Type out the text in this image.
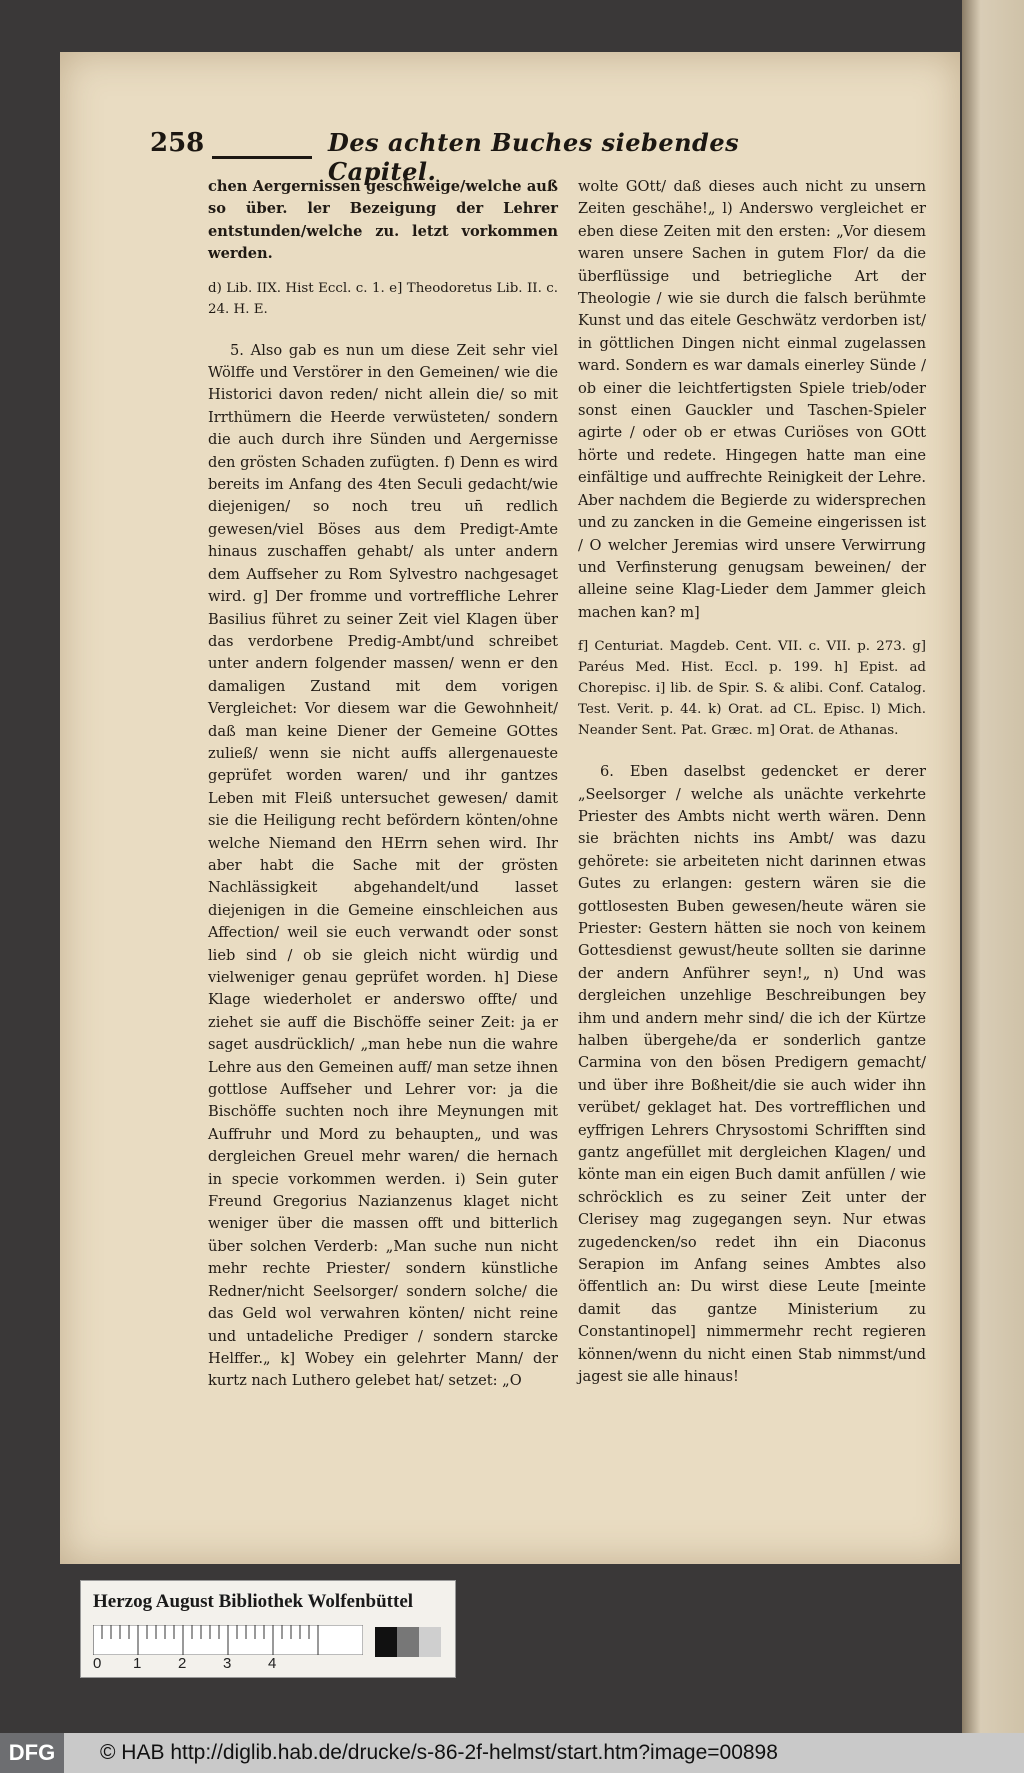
258	Des achten Buches siebendes Capitel.

chen Aergernissen geschweige/welche auß so über. ler Bezeigung der Lehrer entstunden/welche zu. letzt vorkommen werden.

d) Lib. IIX. Hist Eccl. c. 1. e] Theodoretus Lib. II. c. 24. H. E.

5. Also gab es nun um diese Zeit sehr viel Wölffe und Verstörer in den Gemeinen/ wie die Historici davon reden/ nicht allein die/ so mit Irrthümern die Heerde verwüsteten/ sondern die auch durch ihre Sünden und Aergernisse den grösten Schaden zufügten. f) Denn es wird bereits im Anfang des 4ten Seculi gedacht/wie diejenigen/ so noch treu un̄ redlich gewesen/viel Böses aus dem Predigt-Amte hinaus zuschaffen gehabt/ als unter andern dem Auffseher zu Rom Sylvestro nachgesaget wird. g] Der fromme und vortreffliche Lehrer Basilius führet zu seiner Zeit viel Klagen über das verdorbene Predig-Ambt/und schreibet unter andern folgender massen/ wenn er den damaligen Zustand mit dem vorigen Vergleichet: Vor diesem war die Gewohnheit/ daß man keine Diener der Gemeine GOttes zuließ/ wenn sie nicht auffs allergenaueste geprüfet worden waren/ und ihr gantzes Leben mit Fleiß untersuchet gewesen/ damit sie die Heiligung recht befördern könten/ohne welche Niemand den HErrn sehen wird. Ihr aber habt die Sache mit der grösten Nachlässigkeit abgehandelt/und lasset diejenigen in die Gemeine einschleichen aus Affection/ weil sie euch verwandt oder sonst lieb sind / ob sie gleich nicht würdig und vielweniger genau geprüfet worden. h] Diese Klage wiederholet er anderswo offte/ und ziehet sie auff die Bischöffe seiner Zeit: ja er saget ausdrücklich/ „man hebe nun die wahre Lehre aus den Gemeinen auff/ man setze ihnen gottlose Auffseher und Lehrer vor: ja die Bischöffe suchten noch ihre Meynungen mit Auffruhr und Mord zu behaupten„ und was dergleichen Greuel mehr waren/ die hernach in specie vorkommen werden. i) Sein guter Freund Gregorius Nazianzenus klaget nicht weniger über die massen offt und bitterlich über solchen Verderb: „Man suche nun nicht mehr rechte Priester/ sondern künstliche Redner/nicht Seelsorger/ sondern solche/ die das Geld wol verwahren könten/ nicht reine und untadeliche Prediger / sondern starcke Helffer.„ k] Wobey ein gelehrter Mann/ der kurtz nach Luthero gelebet hat/ setzet: „O

wolte GOtt/ daß dieses auch nicht zu unsern Zeiten geschähe!„ l) Anderswo vergleichet er eben diese Zeiten mit den ersten: „Vor diesem waren unsere Sachen in gutem Flor/ da die überflüssige und betriegliche Art der Theologie / wie sie durch die falsch berühmte Kunst und das eitele Geschwätz verdorben ist/ in göttlichen Dingen nicht einmal zugelassen ward. Sondern es war damals einerley Sünde / ob einer die leichtfertigsten Spiele trieb/oder sonst einen Gauckler und Taschen-Spieler agirte / oder ob er etwas Curiöses von GOtt hörte und redete. Hingegen hatte man eine einfältige und auffrechte Reinigkeit der Lehre. Aber nachdem die Begierde zu widersprechen und zu zancken in die Gemeine eingerissen ist / O welcher Jeremias wird unsere Verwirrung und Verfinsterung genugsam beweinen/ der alleine seine Klag-Lieder dem Jammer gleich machen kan? m]

f] Centuriat. Magdeb. Cent. VII. c. VII. p. 273. g] Paréus Med. Hist. Eccl. p. 199. h] Epist. ad Chorepisc. i] lib. de Spir. S. & alibi. Conf. Catalog. Test. Verit. p. 44. k) Orat. ad CL. Episc. l) Mich. Neander Sent. Pat. Græc. m] Orat. de Athanas.

6. Eben daselbst gedencket er derer „Seelsorger / welche als unächte verkehrte Priester des Ambts nicht werth wären. Denn sie brächten nichts ins Ambt/ was dazu gehörete: sie arbeiteten nicht darinnen etwas Gutes zu erlangen: gestern wären sie die gottlosesten Buben gewesen/heute wären sie Priester: Gestern hätten sie noch von keinem Gottesdienst gewust/heute sollten sie darinne der andern Anführer seyn!„ n) Und was dergleichen unzehlige Beschreibungen bey ihm und andern mehr sind/ die ich der Kürtze halben übergehe/da er sonderlich gantze Carmina von den bösen Predigern gemacht/ und über ihre Boßheit/die sie auch wider ihn verübet/ geklaget hat. Des vortrefflichen und eyffrigen Lehrers Chrysostomi Schrifften sind gantz angefüllet mit dergleichen Klagen/ und könte man ein eigen Buch damit anfüllen / wie schröcklich es zu seiner Zeit unter der Clerisey mag zugegangen seyn. Nur etwas zugedencken/so redet ihn ein Diaconus Serapion im Anfang seines Ambtes also öffentlich an: Du wirst diese Leute [meinte damit das gantze Ministerium zu Constantinopel] nimmermehr recht regieren können/wenn du nicht einen Stab nimmst/und jagest sie alle hinaus!

Herzog August Bibliothek Wolfenbüttel
0 1 2 3 4
DFG	© HAB http://diglib.hab.de/drucke/s-86-2f-helmst/start.htm?image=00898
